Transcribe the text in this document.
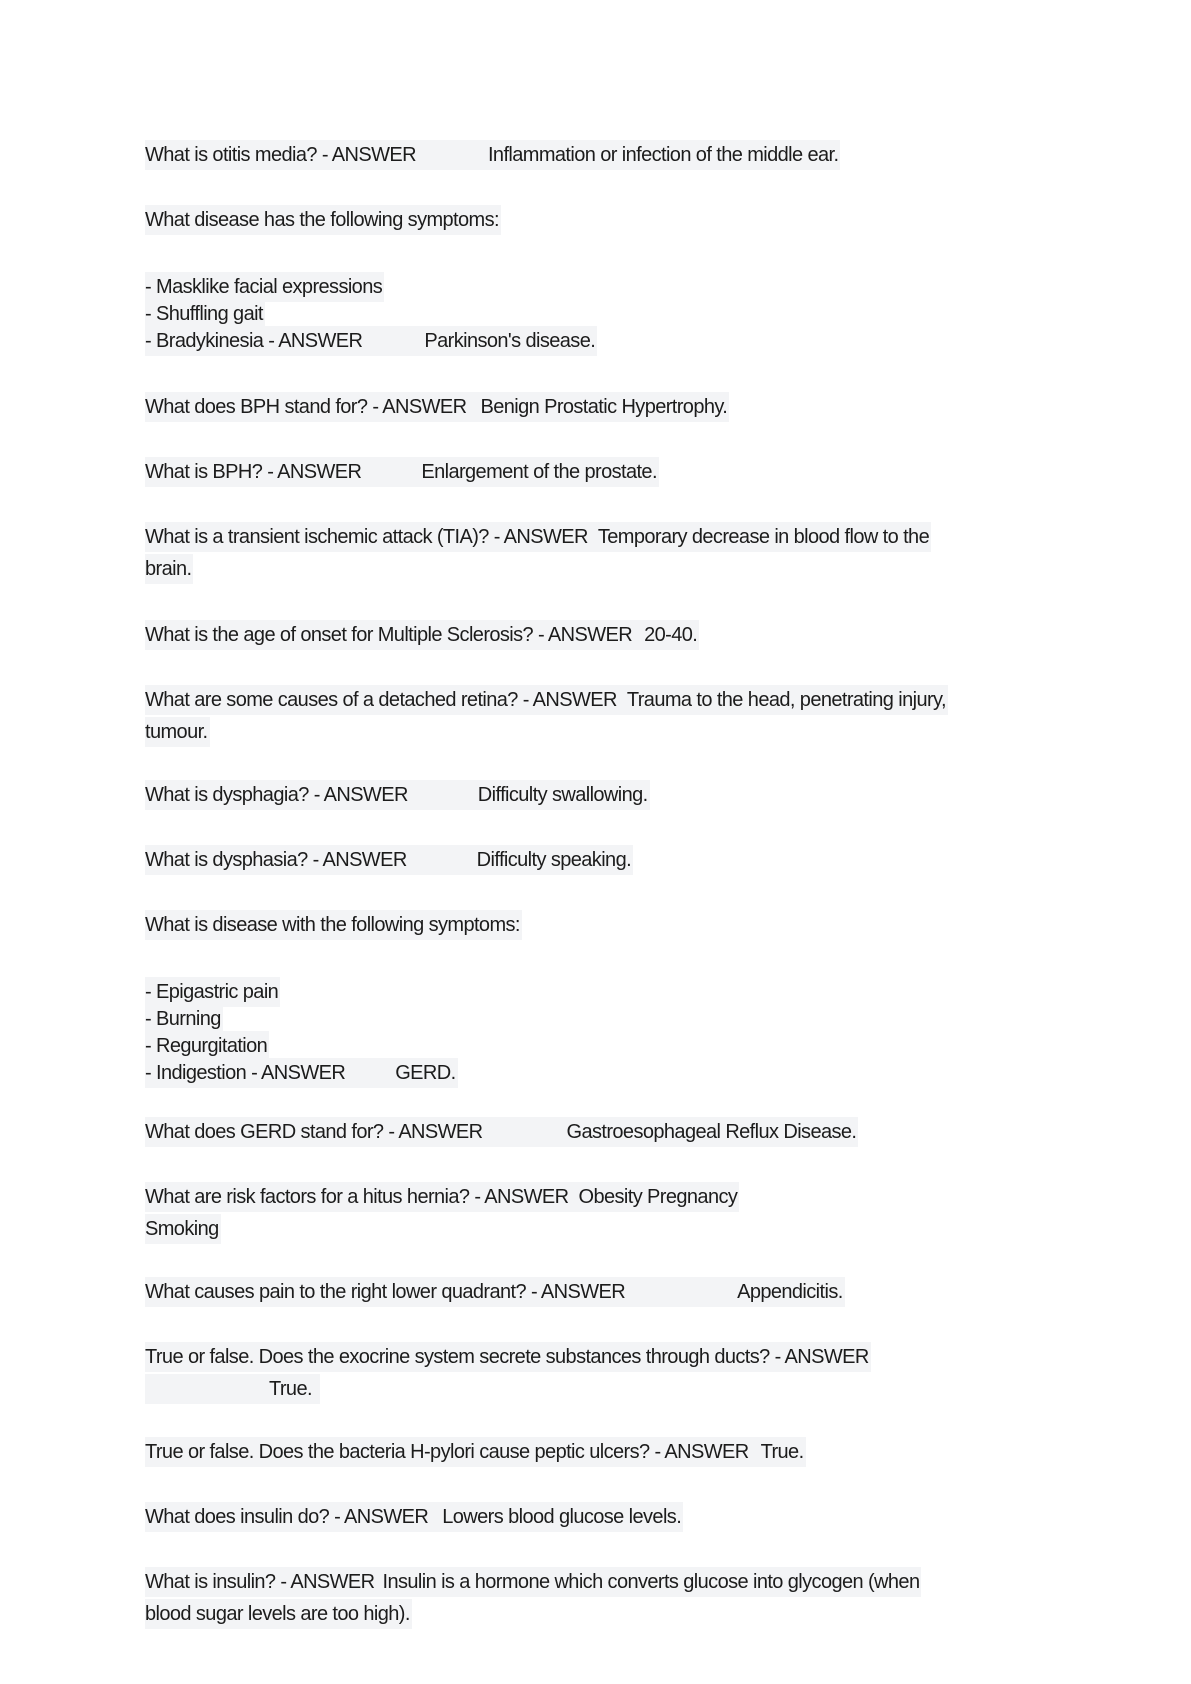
What is otitis media? - ANSWER	Inflammation or infection of the middle ear.
What disease has the following symptoms:
- Masklike facial expressions
- Shuffling gait
- Bradykinesia - ANSWER	Parkinson's disease.
What does BPH stand for? - ANSWER Benign Prostatic Hypertrophy.
What is BPH? - ANSWER	Enlargement of the prostate.
What is a transient ischemic attack (TIA)? - ANSWER Temporary decrease in blood flow to the
brain.
What is the age of onset for Multiple Sclerosis? - ANSWER 20-40.
What are some causes of a detached retina? - ANSWER Trauma to the head, penetrating injury,
tumour.
What is dysphagia? - ANSWER	Difficulty swallowing.
What is dysphasia? - ANSWER	Difficulty speaking.
What is disease with the following symptoms:
- Epigastric pain
- Burning
- Regurgitation
- Indigestion - ANSWER	GERD.
What does GERD stand for? - ANSWER	Gastroesophageal Reflux Disease.
What are risk factors for a hitus hernia? - ANSWER Obesity Pregnancy
Smoking
What causes pain to the right lower quadrant? - ANSWER	Appendicitis.
True or false. Does the exocrine system secrete substances through ducts? - ANSWER
True.
True or false. Does the bacteria H-pylori cause peptic ulcers? - ANSWER True.
What does insulin do? - ANSWER Lowers blood glucose levels.
What is insulin? - ANSWER Insulin is a hormone which converts glucose into glycogen (when
blood sugar levels are too high).
